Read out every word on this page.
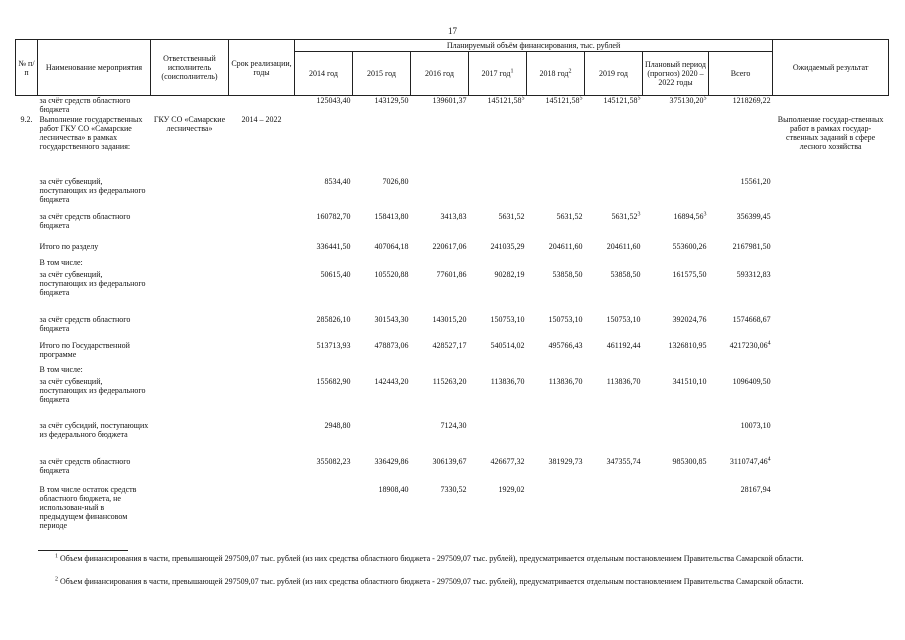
17
№ п/п	Наименование мероприятия	Ответственный исполнитель (соисполнитель)	Срок реализации, годы	Планируемый объём финансирования, тыс. рублей								Ожидаемый результат
				2014 год	2015 год	2016 год	2017 год$^1$	2018 год$^2$	2019 год	Плановый период (прогноз) 2020 – 2022 годы	Всего	
	за счёт средств областного бюджета			125043,40	143129,50	139601,37	145121,58$^5$	145121,58$^5$	145121,58$^5$	375130,20$^5$	1218269,22	
9.2.	Выполнение государственных работ ГКУ СО «Самарские лесничества» в рамках государственного задания:	ГКУ СО «Самарские лесничества»	2014 – 2022									Выполнение государ-ственных работ в рамках государ-ственных заданий в сфере лесного хозяйства
	за счёт субвенций, поступающих из федерального бюджета			8534,40	7026,80						15561,20	
	за счёт средств областного бюджета			160782,70	158413,80	3413,83	5631,52	5631,52	5631,52$^3$	16894,56$^3$	356399,45	
	Итого по разделу			336441,50	407064,18	220617,06	241035,29	204611,60	204611,60	553600,26	2167981,50	
	В том числе:											
	за счёт субвенций, поступающих из федерального бюджета			50615,40	105520,88	77601,86	90282,19	53858,50	53858,50	161575,50	593312,83	
	за счёт средств областного бюджета			285826,10	301543,30	143015,20	150753,10	150753,10	150753,10	392024,76	1574668,67	
	Итого по Государственной программе			513713,93	478873,06	428527,17	540514,02	495766,43	461192,44	1326810,95	4217230,06$^4$
	В том числе:											
	за счёт субвенций, поступающих из федерального бюджета			155682,90	142443,20	115263,20	113836,70	113836,70	113836,70	341510,10	1096409,50	
	за счёт субсидий, поступающих из федерального бюджета			2948,80		7124,30					10073,10	
	за счёт средств областного бюджета			355082,23	336429,86	306139,67	426677,32	381929,73	347355,74	985300,85	3110747,46$^4$
	В том числе остаток средств областного бюджета, не использован-ный в предыдущем финансовом периоде				18908,40	7330,52	1929,02				28167,94	
$^1$ Объем финансирования в части, превышающей 297509,07 тыс. рублей (из них средства областного бюджета - 297509,07 тыс. рублей), предусматривается отдельным постановлением Правительства Самарской области.
$^2$ Объем финансирования в части, превышающей 297509,07 тыс. рублей (из них средства областного бюджета - 297509,07 тыс. рублей), предусматривается отдельным постановлением Правительства Самарской области.
